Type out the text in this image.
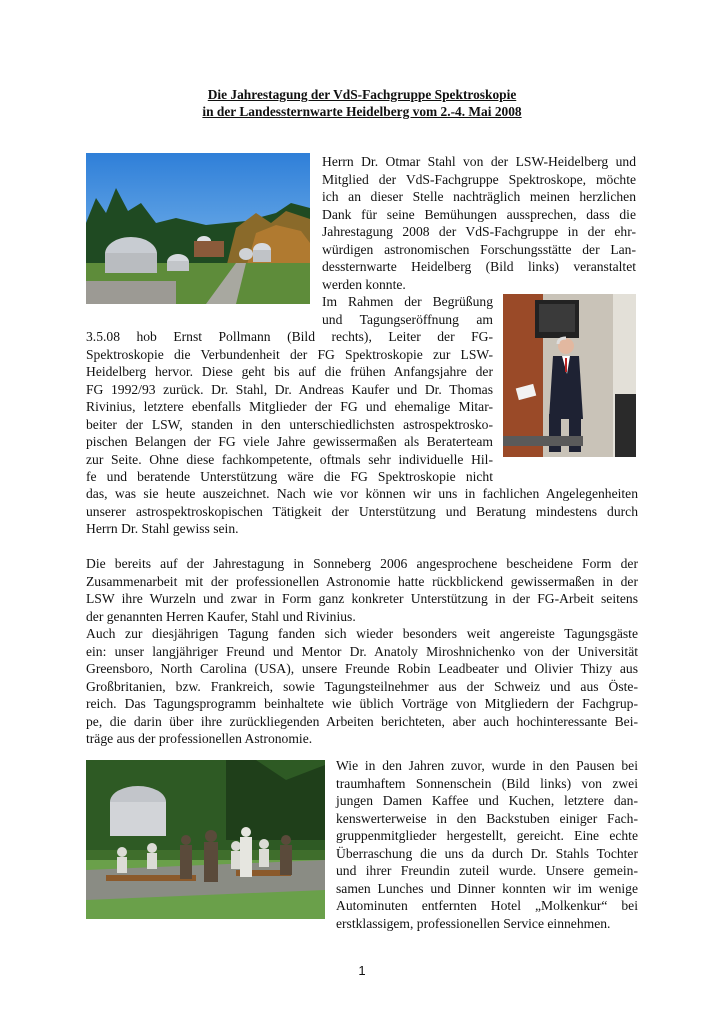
Die Jahrestagung der VdS-Fachgruppe Spektroskopie
in der Landessternwarte Heidelberg vom 2.-4. Mai 2008
Herrn Dr. Otmar Stahl von der LSW-Heidelberg und
Mitglied der VdS-Fachgruppe Spektroskope, möchte
ich an dieser Stelle nachträglich meinen herzlichen
Dank für seine Bemühungen aussprechen, dass die
Jahrestagung 2008 der VdS-Fachgruppe in der ehr-
würdigen astronomischen Forschungsstätte der Lan-
dessternwarte Heidelberg (Bild links) veranstaltet
werden konnte.
Im Rahmen der Begrüßung
und Tagungseröffnung am
3.5.08 hob Ernst Pollmann (Bild rechts), Leiter der FG-
Spektroskopie die Verbundenheit der FG Spektroskopie zur LSW-
Heidelberg hervor. Diese geht bis auf die frühen Anfangsjahre der
FG 1992/93 zurück. Dr. Stahl, Dr. Andreas Kaufer und Dr. Thomas
Rivinius, letztere ebenfalls Mitglieder der FG und ehemalige Mitar-
beiter der LSW, standen in den unterschiedlichsten astrospektrosko-
pischen Belangen der FG viele Jahre gewissermaßen als Beraterteam
zur Seite. Ohne diese fachkompetente, oftmals sehr individuelle Hil-
fe und beratende Unterstützung wäre die FG Spektroskopie nicht
das, was sie heute auszeichnet. Nach wie vor können wir uns in fachlichen Angelegenheiten
unserer astrospektroskopischen Tätigkeit der Unterstützung und Beratung mindestens durch
Herrn Dr. Stahl gewiss sein.
Die bereits auf der Jahrestagung in Sonneberg 2006 angesprochene bescheidene Form der
Zusammenarbeit mit der professionellen Astronomie hatte rückblickend gewissermaßen in der
LSW ihre Wurzeln und zwar in Form ganz konkreter Unterstützung in der FG-Arbeit seitens
der genannten Herren Kaufer, Stahl und Rivinius.
Auch zur diesjährigen Tagung fanden sich wieder besonders weit angereiste Tagungsgäste
ein: unser langjähriger Freund und Mentor Dr. Anatoly Miroshnichenko von der Universität
Greensboro, North Carolina (USA), unsere Freunde Robin Leadbeater und Olivier Thizy aus
Großbritanien, bzw. Frankreich, sowie Tagungsteilnehmer aus der Schweiz und aus Öste-
reich. Das Tagungsprogramm beinhaltete wie üblich Vorträge von Mitgliedern der Fachgrup-
pe, die darin über ihre zurückliegenden Arbeiten berichteten, aber auch hochinteressante Bei-
träge aus der professionellen Astronomie.
Wie in den Jahren zuvor, wurde in den Pausen bei
traumhaftem Sonnenschein (Bild links) von zwei
jungen Damen Kaffee und Kuchen, letztere dan-
kenswerterweise in den Backstuben einiger Fach-
gruppenmitglieder hergestellt, gereicht. Eine echte
Überraschung die uns da durch Dr. Stahls Tochter
und ihrer Freundin zuteil wurde. Unsere gemein-
samen Lunches und Dinner konnten wir im wenige
Autominuten entfernten Hotel „Molkenkur“ bei
erstklassigem, professionellen Service einnehmen.
1
